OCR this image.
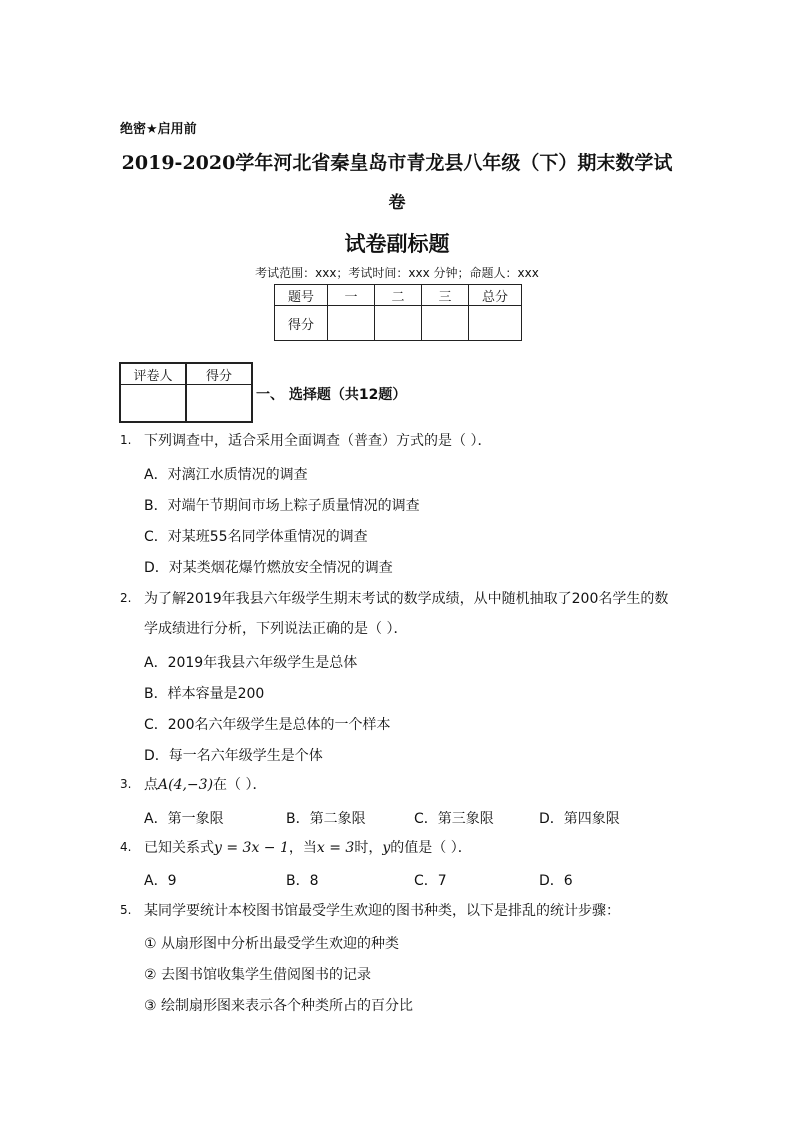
绝密★启用前
2019-2020学年河北省秦皇岛市青龙县八年级（下）期末数学试
卷
试卷副标题
考试范围：xxx；考试时间：xxx 分钟；命题人：xxx
题号	一	二	三	总分
得分				
评卷人	得分

一、 选择题（共12题）
1. 下列调查中，适合采用全面调查（普查）方式的是（ ）．
A．对漓江水质情况的调查
B．对端午节期间市场上粽子质量情况的调查
C．对某班55名同学体重情况的调查
D．对某类烟花爆竹燃放安全情况的调查
2. 为了解2019年我县六年级学生期末考试的数学成绩，从中随机抽取了200名学生的数
学成绩进行分析，下列说法正确的是（ ）．
A．2019年我县六年级学生是总体
B．样本容量是200
C．200名六年级学生是总体的一个样本
D．每一名六年级学生是个体
3. 点A(4,−3)在（ ）．
A．第一象限	B．第二象限	C．第三象限	D．第四象限
4. 已知关系式y = 3x − 1，当x = 3时，y的值是（ ）．
A．9	B．8	C．7	D．6
5. 某同学要统计本校图书馆最受学生欢迎的图书种类，以下是排乱的统计步骤：
① 从扇形图中分析出最受学生欢迎的种类
② 去图书馆收集学生借阅图书的记录
③ 绘制扇形图来表示各个种类所占的百分比
